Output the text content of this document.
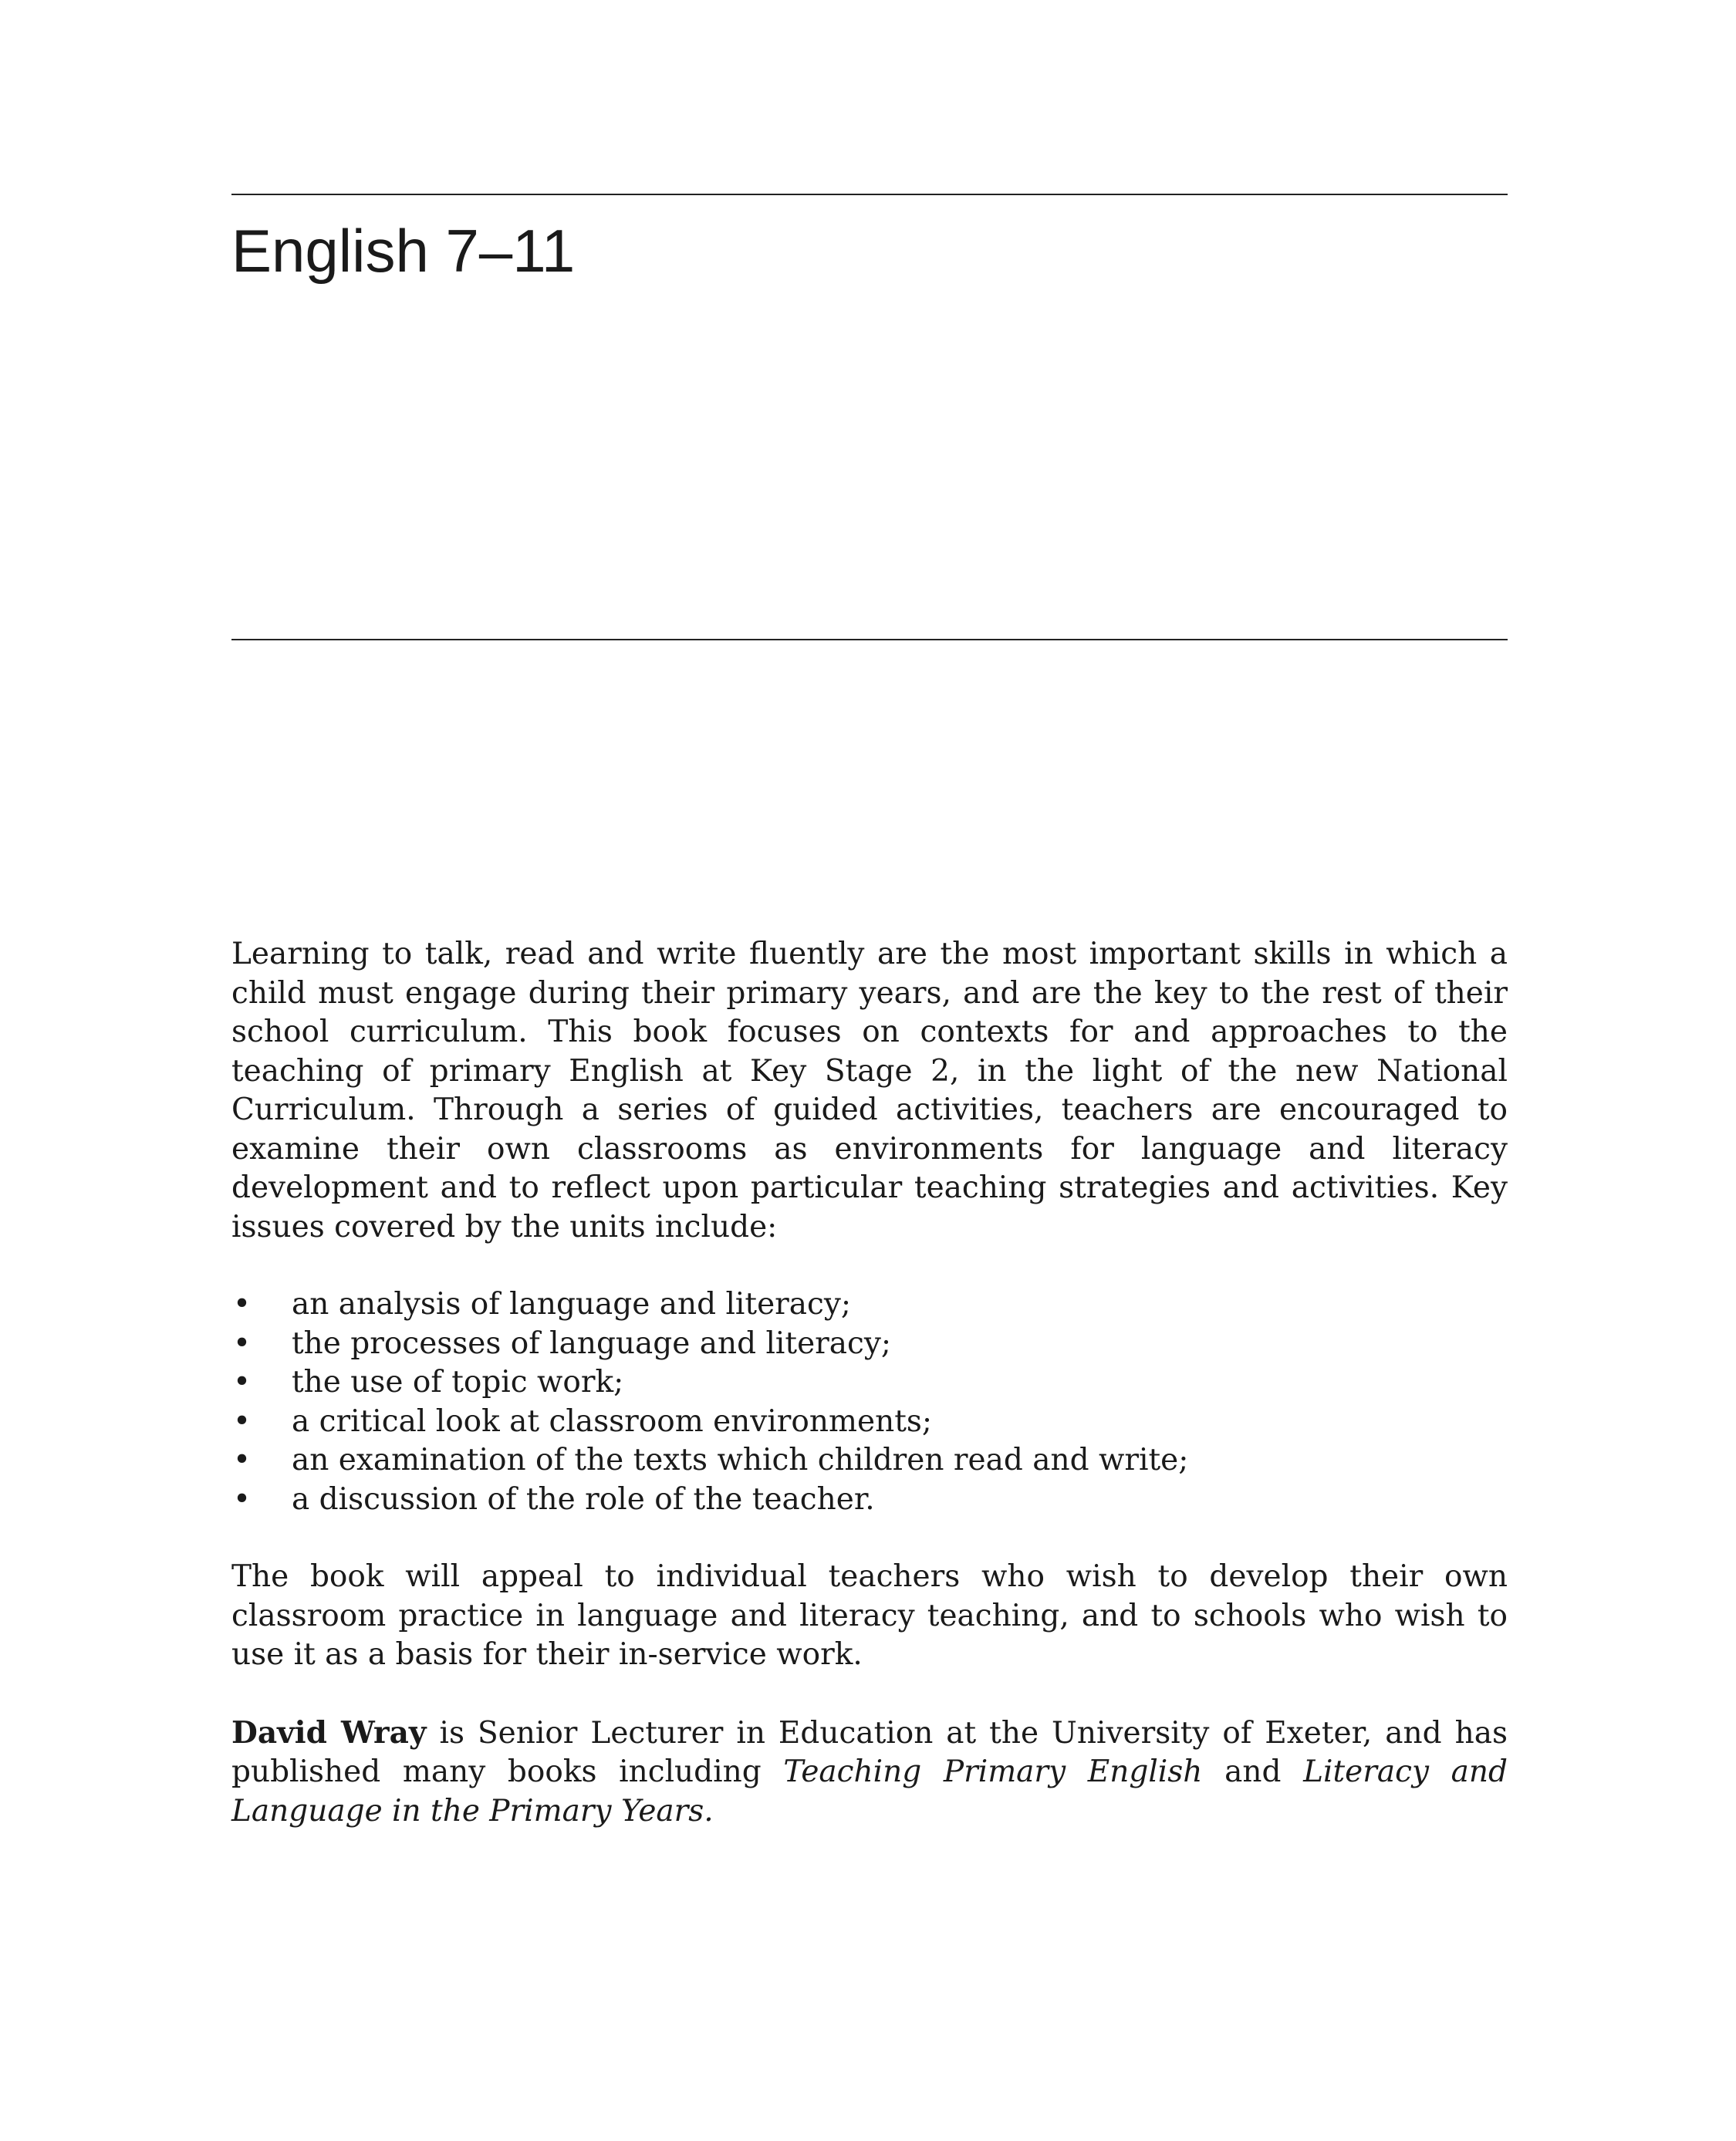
English 7–11

Learning to talk, read and write fluently are the most important skills in which a child must engage during their primary years, and are the key to the rest of their school curriculum. This book focuses on contexts for and approaches to the teaching of primary English at Key Stage 2, in the light of the new National Curriculum. Through a series of guided activities, teachers are encouraged to examine their own classrooms as environments for language and literacy development and to reflect upon particular teaching strategies and activities. Key issues covered by the units include:

• an analysis of language and literacy;
• the processes of language and literacy;
• the use of topic work;
• a critical look at classroom environments;
• an examination of the texts which children read and write;
• a discussion of the role of the teacher.

The book will appeal to individual teachers who wish to develop their own classroom practice in language and literacy teaching, and to schools who wish to use it as a basis for their in-service work.

David Wray is Senior Lecturer in Education at the University of Exeter, and has published many books including Teaching Primary English and Literacy and Language in the Primary Years.
